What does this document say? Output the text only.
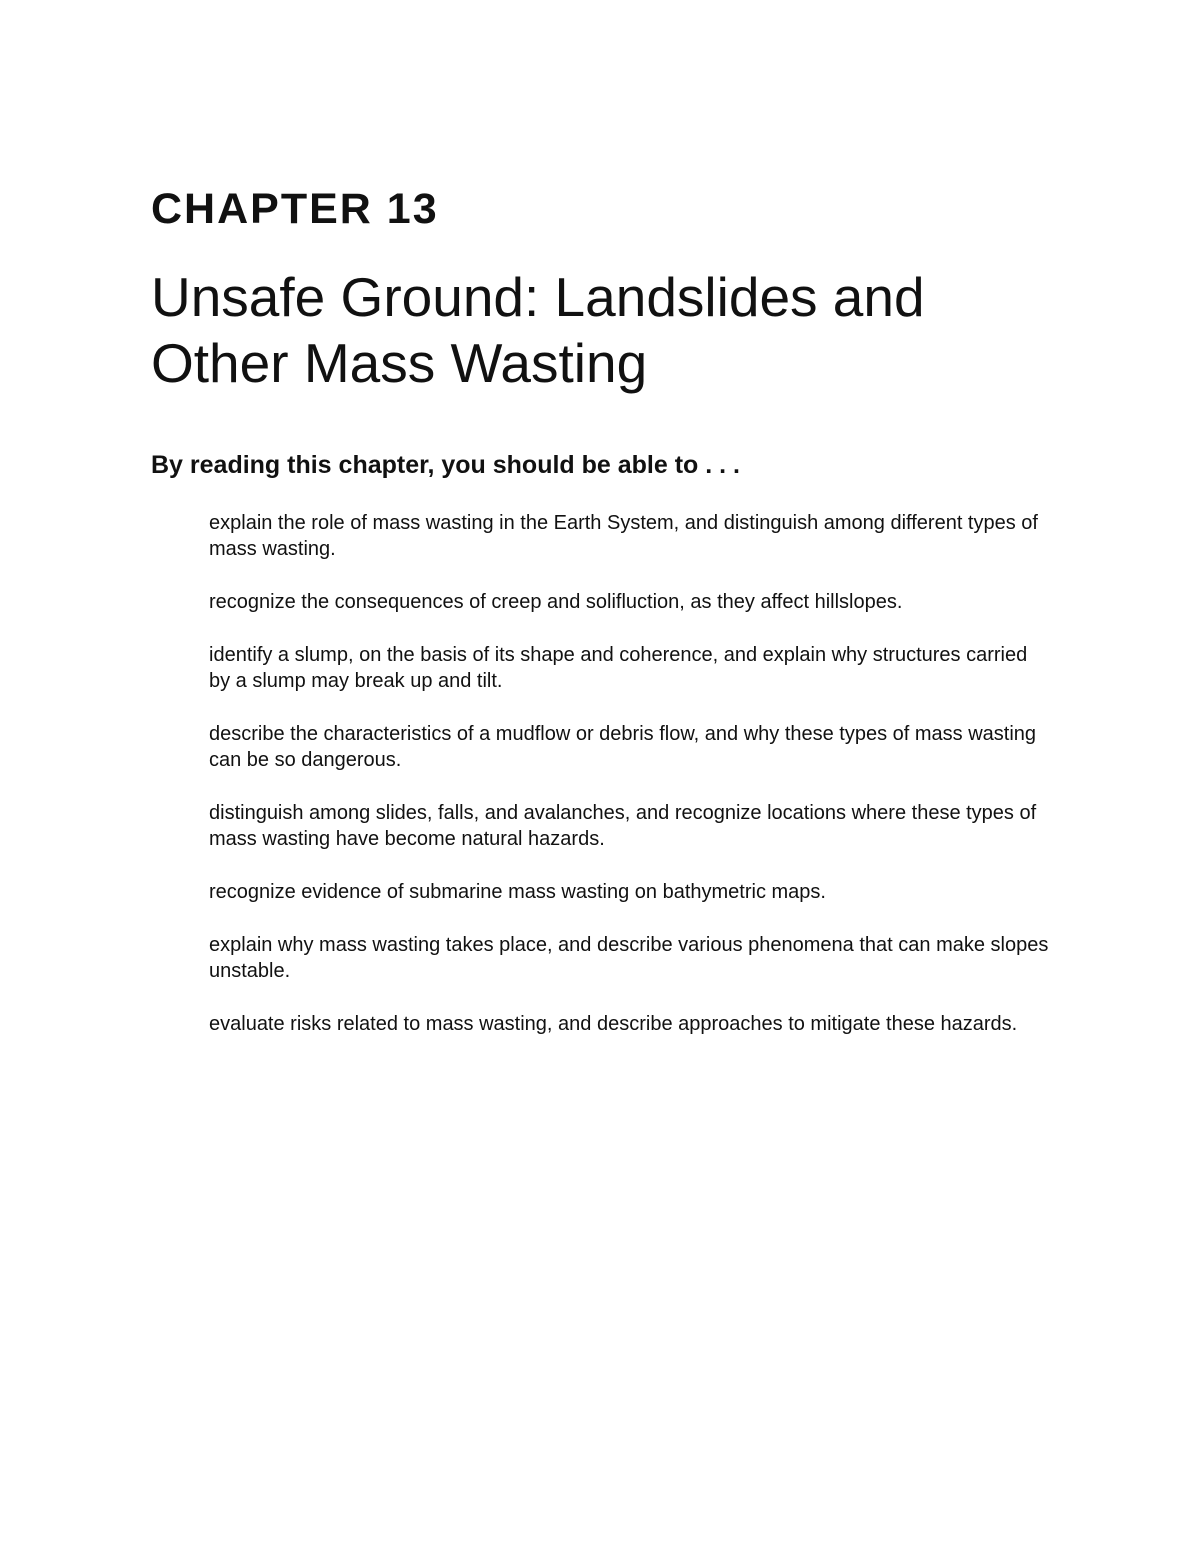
CHAPTER 13
Unsafe Ground: Landslides and
Other Mass Wasting

By reading this chapter, you should be able to . . .

explain the role of mass wasting in the Earth System, and distinguish among different types of mass wasting.
recognize the consequences of creep and solifluction, as they affect hillslopes.
identify a slump, on the basis of its shape and coherence, and explain why structures carried by a slump may break up and tilt.
describe the characteristics of a mudflow or debris flow, and why these types of mass wasting can be so dangerous.
distinguish among slides, falls, and avalanches, and recognize locations where these types of mass wasting have become natural hazards.
recognize evidence of submarine mass wasting on bathymetric maps.
explain why mass wasting takes place, and describe various phenomena that can make slopes unstable.
evaluate risks related to mass wasting, and describe approaches to mitigate these hazards.
